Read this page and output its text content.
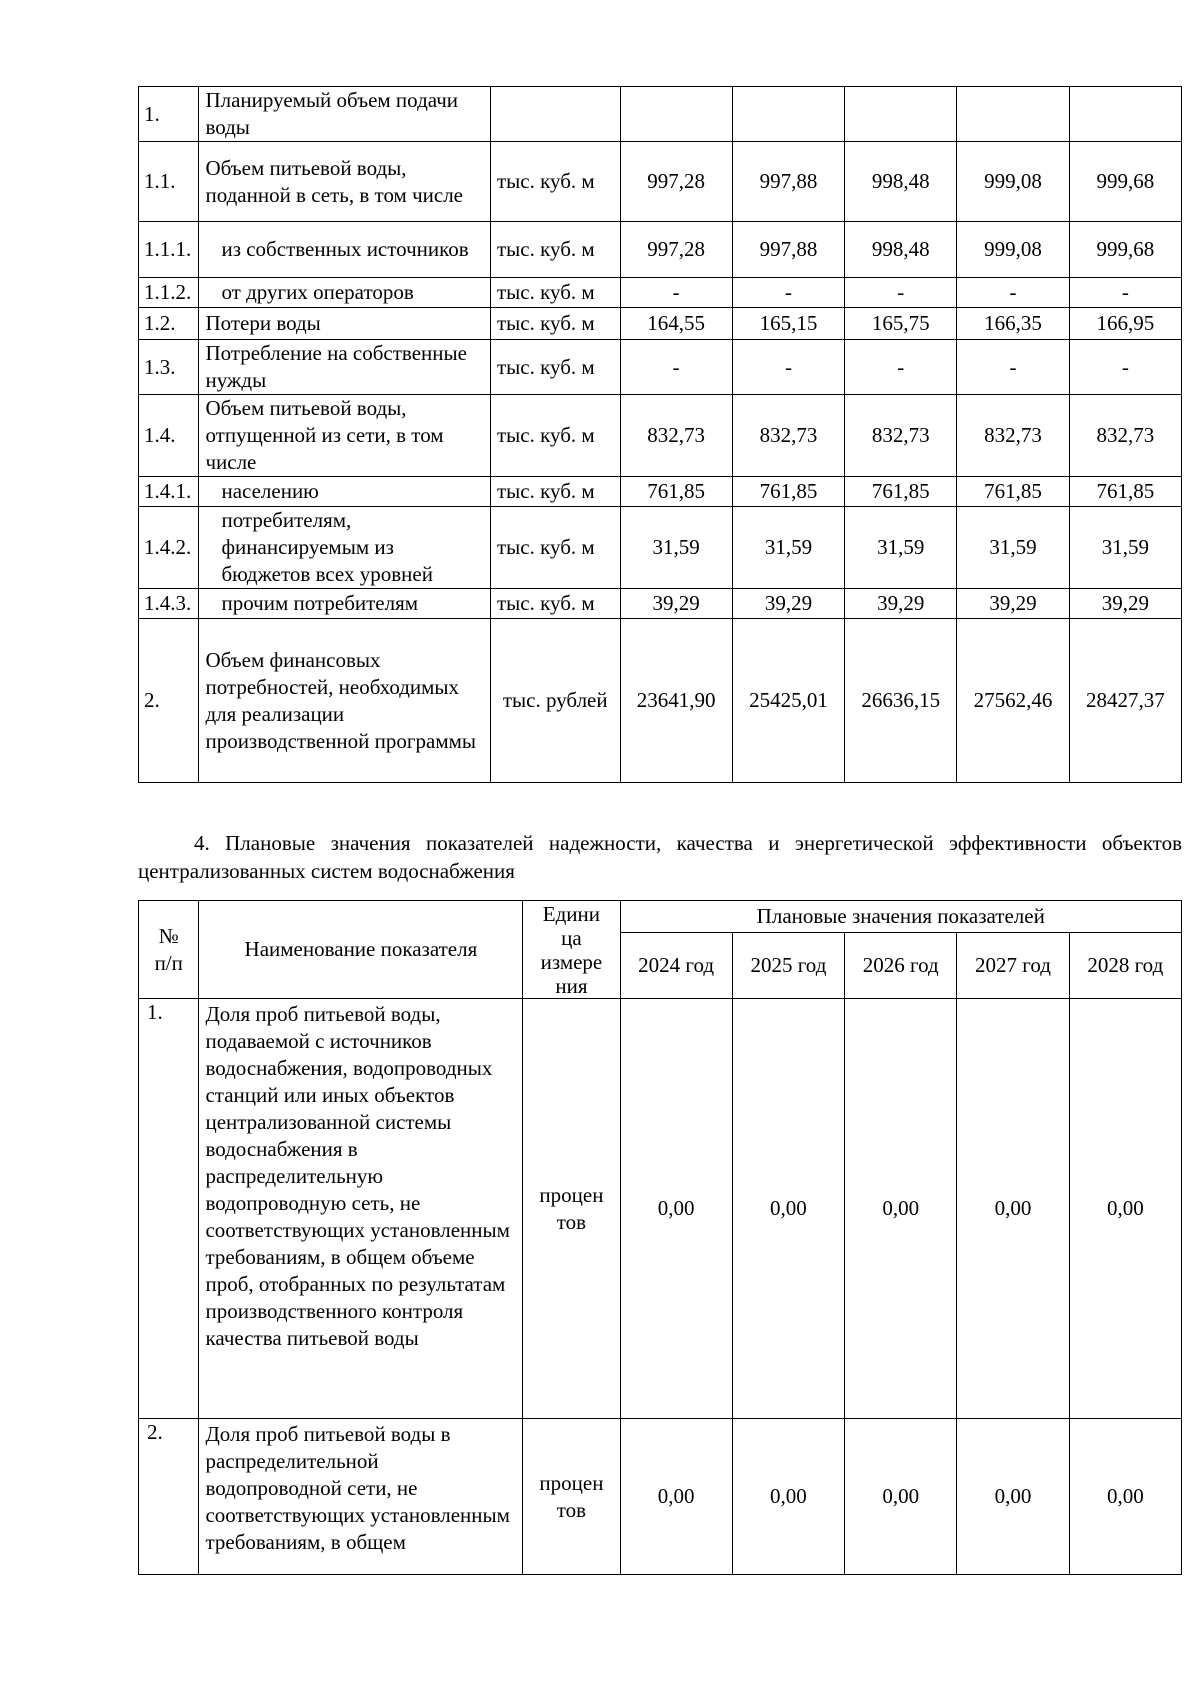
1.	Планируемый объем подачи воды						
1.1.	Объем питьевой воды, поданной в сеть, в том числе	тыс. куб. м	997,28	997,88	998,48	999,08	999,68
1.1.1.	из собственных источников	тыс. куб. м	997,28	997,88	998,48	999,08	999,68
1.1.2.	от других операторов	тыс. куб. м	-	-	-	-	-
1.2.	Потери воды	тыс. куб. м	164,55	165,15	165,75	166,35	166,95
1.3.	Потребление на собственные нужды	тыс. куб. м	-	-	-	-	-
1.4.	Объем питьевой воды, отпущенной из сети, в том числе	тыс. куб. м	832,73	832,73	832,73	832,73	832,73
1.4.1.	населению	тыс. куб. м	761,85	761,85	761,85	761,85	761,85
1.4.2.	потребителям, финансируемым из бюджетов всех уровней	тыс. куб. м	31,59	31,59	31,59	31,59	31,59
1.4.3.	прочим потребителям	тыс. куб. м	39,29	39,29	39,29	39,29	39,29
2.	Объем финансовых потребностей, необходимых для реализации производственной программы	тыс. рублей	23641,90	25425,01	26636,15	27562,46	28427,37
4. Плановые значения показателей надежности, качества и энергетической эффективности объектов централизованных систем водоснабжения
№ п/п	Наименование показателя	Едини ца измере ния	Плановые значения показателей				
			2024 год	2025 год	2026 год	2027 год	2028 год
1.	Доля проб питьевой воды, подаваемой с источников водоснабжения, водопроводных станций или иных объектов централизованной системы водоснабжения в распределительную водопроводную сеть, не соответствующих установленным требованиям, в общем объеме проб, отобранных по результатам производственного контроля качества питьевой воды	процен тов	0,00	0,00	0,00	0,00	0,00
2.	Доля проб питьевой воды в распределительной водопроводной сети, не соответствующих установленным требованиям, в общем	процен тов	0,00	0,00	0,00	0,00	0,00
